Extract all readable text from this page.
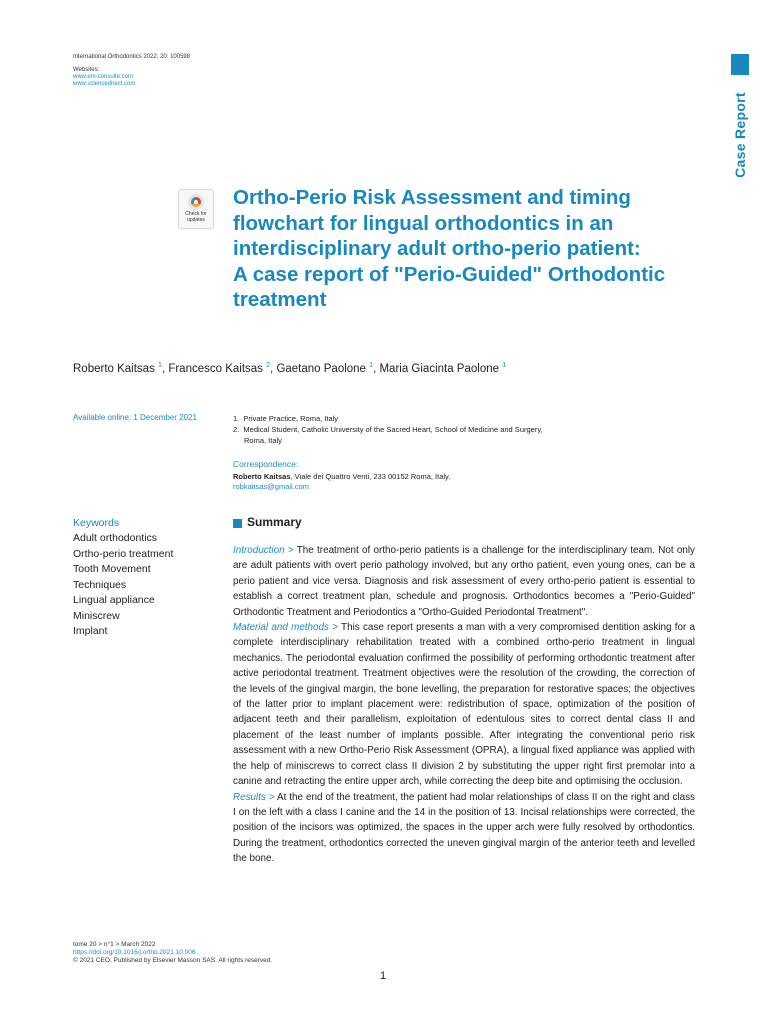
International Orthodontics 2022; 20: 100598
Websites:
www.em-consulte.com
www.sciencedirect.com
Case Report
Check for updates
Ortho-Perio Risk Assessment and timing
flowchart for lingual orthodontics in an
interdisciplinary adult ortho-perio patient:
A case report of "Perio-Guided" Orthodontic
treatment
Roberto Kaitsas $^1$, Francesco Kaitsas $^2$, Gaetano Paolone $^1$, Maria Giacinta Paolone $^1$
Available online: 1 December 2021	1.  Private Practice, Roma, Italy
2.  Medical Student, Catholic University of the Sacred Heart, School of Medicine and Surgery, Roma, Italy
Correspondence:
Roberto Kaitsas, Viale dei Quattro Venti, 233 00152 Roma, Italy.
robkaitsas@gmail.com
Keywords
Adult orthodontics
Ortho-perio treatment
Tooth Movement
Techniques
Lingual appliance
Miniscrew
Implant
Summary

Introduction > The treatment of ortho-perio patients is a challenge for the interdisciplinary team. Not only are adult patients with overt perio pathology involved, but any ortho patient, even young ones, can be a perio patient and vice versa. Diagnosis and risk assessment of every ortho-perio patient is essential to establish a correct treatment plan, schedule and prognosis. Orthodontics becomes a "Perio-Guided" Orthodontic Treatment and Periodontics a "Ortho-Guided Periodontal Treatment".

Material and methods > This case report presents a man with a very compromised dentition asking for a complete interdisciplinary rehabilitation treated with a combined ortho-perio treatment in lingual mechanics. The periodontal evaluation confirmed the possibility of performing orthodontic treatment after active periodontal treatment. Treatment objectives were the resolution of the crowding, the correction of the levels of the gingival margin, the bone levelling, the preparation for restorative spaces; the objectives of the latter prior to implant placement were: redistribution of space, optimization of the position of adjacent teeth and their parallelism, exploitation of edentulous sites to correct dental class II and placement of the least number of implants possible. After integrating the conventional perio risk assessment with a new Ortho-Perio Risk Assessment (OPRA), a lingual fixed appliance was applied with the help of miniscrews to correct class II division 2 by substituting the upper right first premolar into a canine and retracting the entire upper arch, while correcting the deep bite and optimising the occlusion.

Results > At the end of the treatment, the patient had molar relationships of class II on the right and class I on the left with a class I canine and the 14 in the position of 13. Incisal relationships were corrected, the position of the incisors was optimized, the spaces in the upper arch were fully resolved by orthodontics. During the treatment, orthodontics corrected the uneven gingival margin of the anterior teeth and levelled the bone.

tome 20 > n°1 > March 2022
https://doi.org/10.1016/j.ortho.2021.10.006
© 2021 CEO. Published by Elsevier Masson SAS. All rights reserved.
1
